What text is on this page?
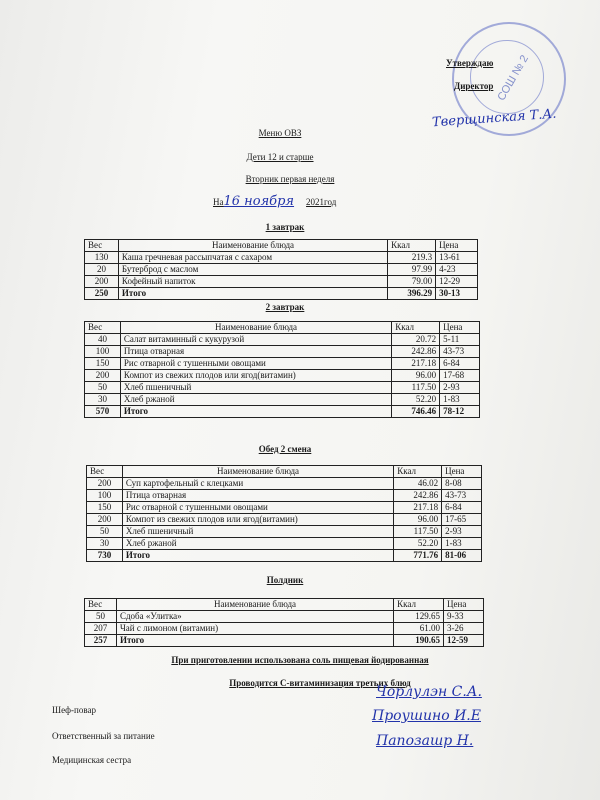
СОШ № 2
Утверждаю
Директор
Тверщинская Т.А.
Меню ОВЗ
Дети 12 и старше
Вторник первая неделя
На16 ноября 2021год
1 завтрак
Вес	Наименование блюда	Ккал	Цена
130	Каша гречневая рассыпчатая с сахаром	219.3	13-61
20	Бутерброд с маслом	97.99	4-23
200	Кофейный напиток	79.00	12-29
250	Итого	396.29	30-13
2 завтрак
Вес	Наименование блюда	Ккал	Цена
40	Салат витаминный с кукурузой	20.72	5-11
100	Птица отварная	242.86	43-73
150	Рис отварной с тушенными овощами	217.18	6-84
200	Компот из свежих плодов или ягод(витамин)	96.00	17-68
50	Хлеб пшеничный	117.50	2-93
30	Хлеб ржаной	52.20	1-83
570	Итого	746.46	78-12
Обед 2 смена
Вес	Наименование блюда	Ккал	Цена
200	Суп картофельный с клецками	46.02	8-08
100	Птица отварная	242.86	43-73
150	Рис отварной с тушенными овощами	217.18	6-84
200	Компот из свежих плодов или ягод(витамин)	96.00	17-65
50	Хлеб пшеничный	117.50	2-93
30	Хлеб ржаной	52.20	1-83
730	Итого	771.76	81-06
Полдник
Вес	Наименование блюда	Ккал	Цена
50	Сдоба «Улитка»	129.65	9-33
207	Чай с лимоном (витамин)	61.00	3-26
257	Итого	190.65	12-59
При приготовлении использована соль пищевая йодированная
Проводится С-витаминизация третьих блюд
Шеф-повар
Ответственный за питание
Медицинская сестра
Чорлулэн С.А.
Проушино И.Е
Папозашр Н.
